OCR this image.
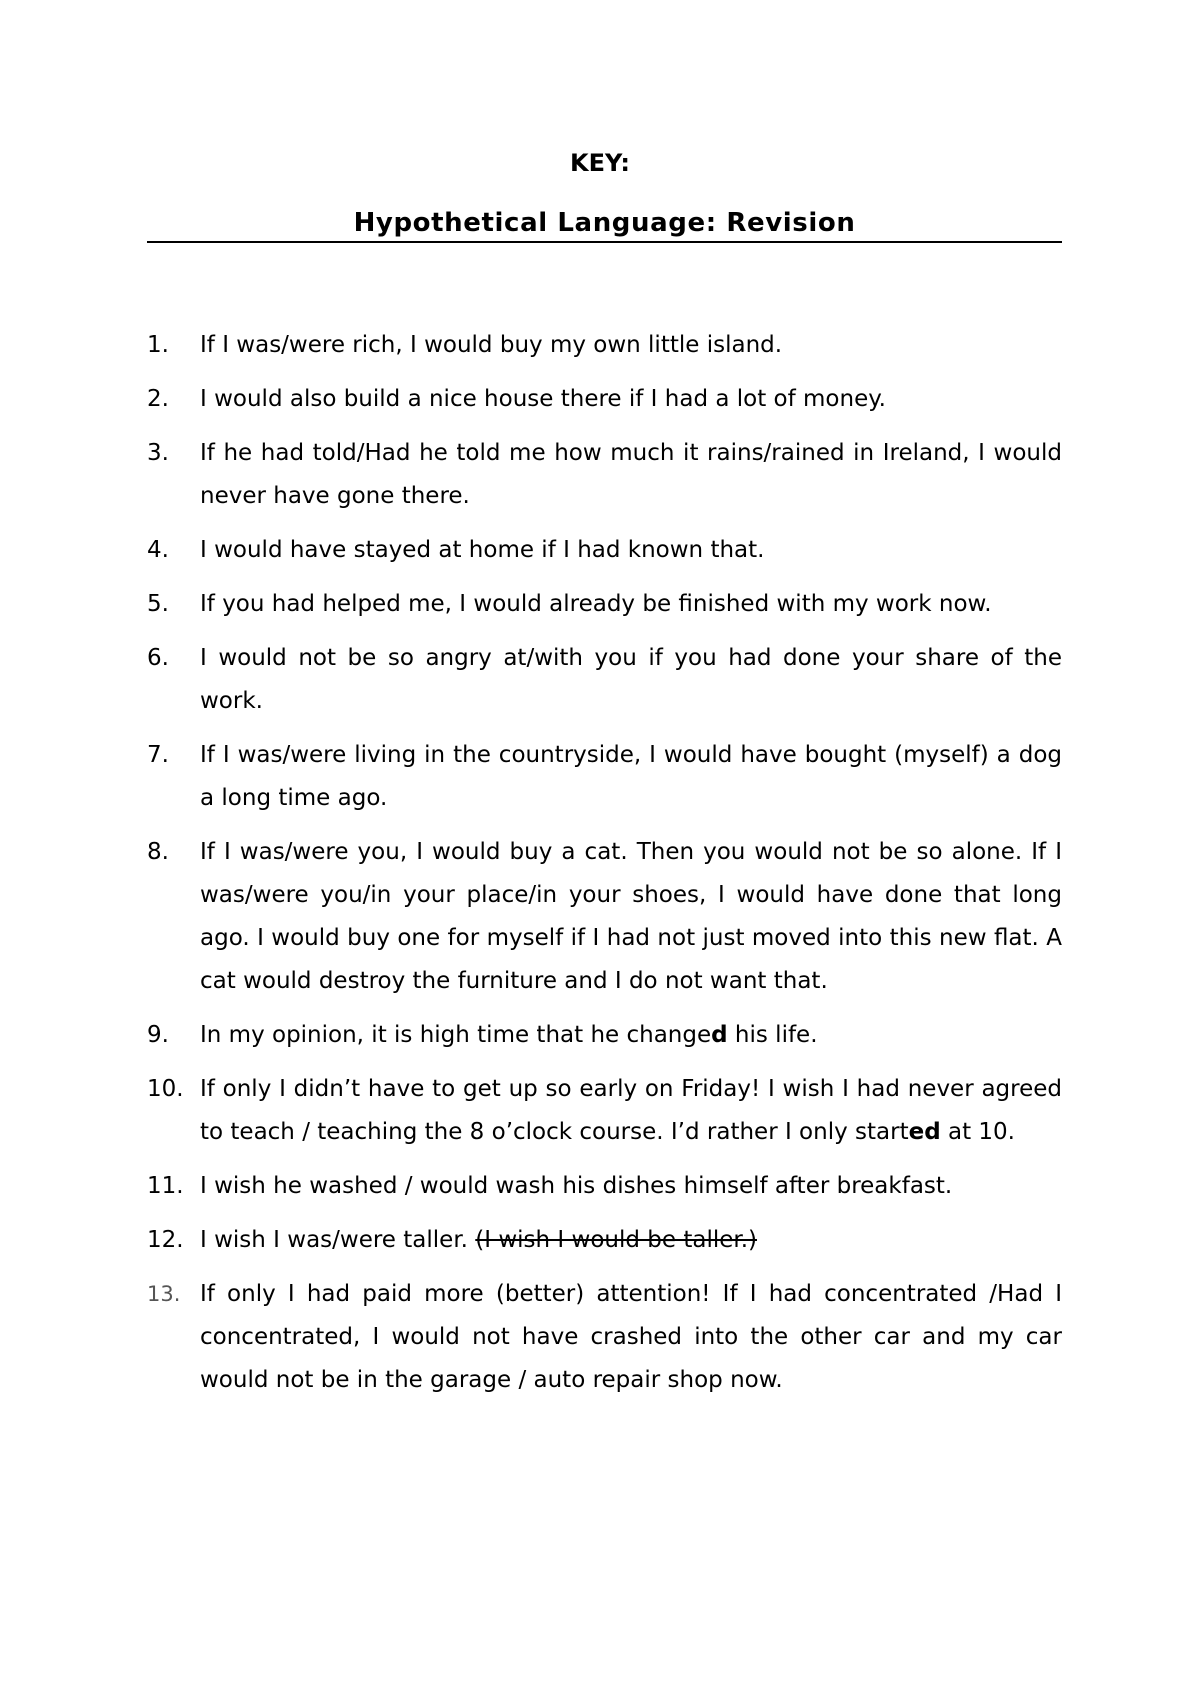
KEY:
Hypothetical Language: Revision
1.	If I was/were rich, I would buy my own little island.
2.	I would also build a nice house there if I had a lot of money.
3.	If he had told/Had he told me how much it rains/rained in Ireland, I would never have gone there.
4.	I would have stayed at home if I had known that.
5.	If you had helped me, I would already be finished with my work now.
6.	I would not be so angry at/with you if you had done your share of the work.
7.	If I was/were living in the countryside, I would have bought (myself) a dog a long time ago.
8.	If I was/were you, I would buy a cat. Then you would not be so alone. If I was/were you/in your place/in your shoes, I would have done that long ago. I would buy one for myself if I had not just moved into this new flat. A cat would destroy the furniture and I do not want that.
9.	In my opinion, it is high time that he changed his life.
10. If only I didn’t have to get up so early on Friday! I wish I had never agreed to teach / teaching the 8 o’clock course. I’d rather I only started at 10.
11. I wish he washed / would wash his dishes himself after breakfast.
12. I wish I was/were taller. (I wish I would be taller.)
13. If only I had paid more (better) attention! If I had concentrated /Had I concentrated, I would not have crashed into the other car and my car would not be in the garage / auto repair shop now.
